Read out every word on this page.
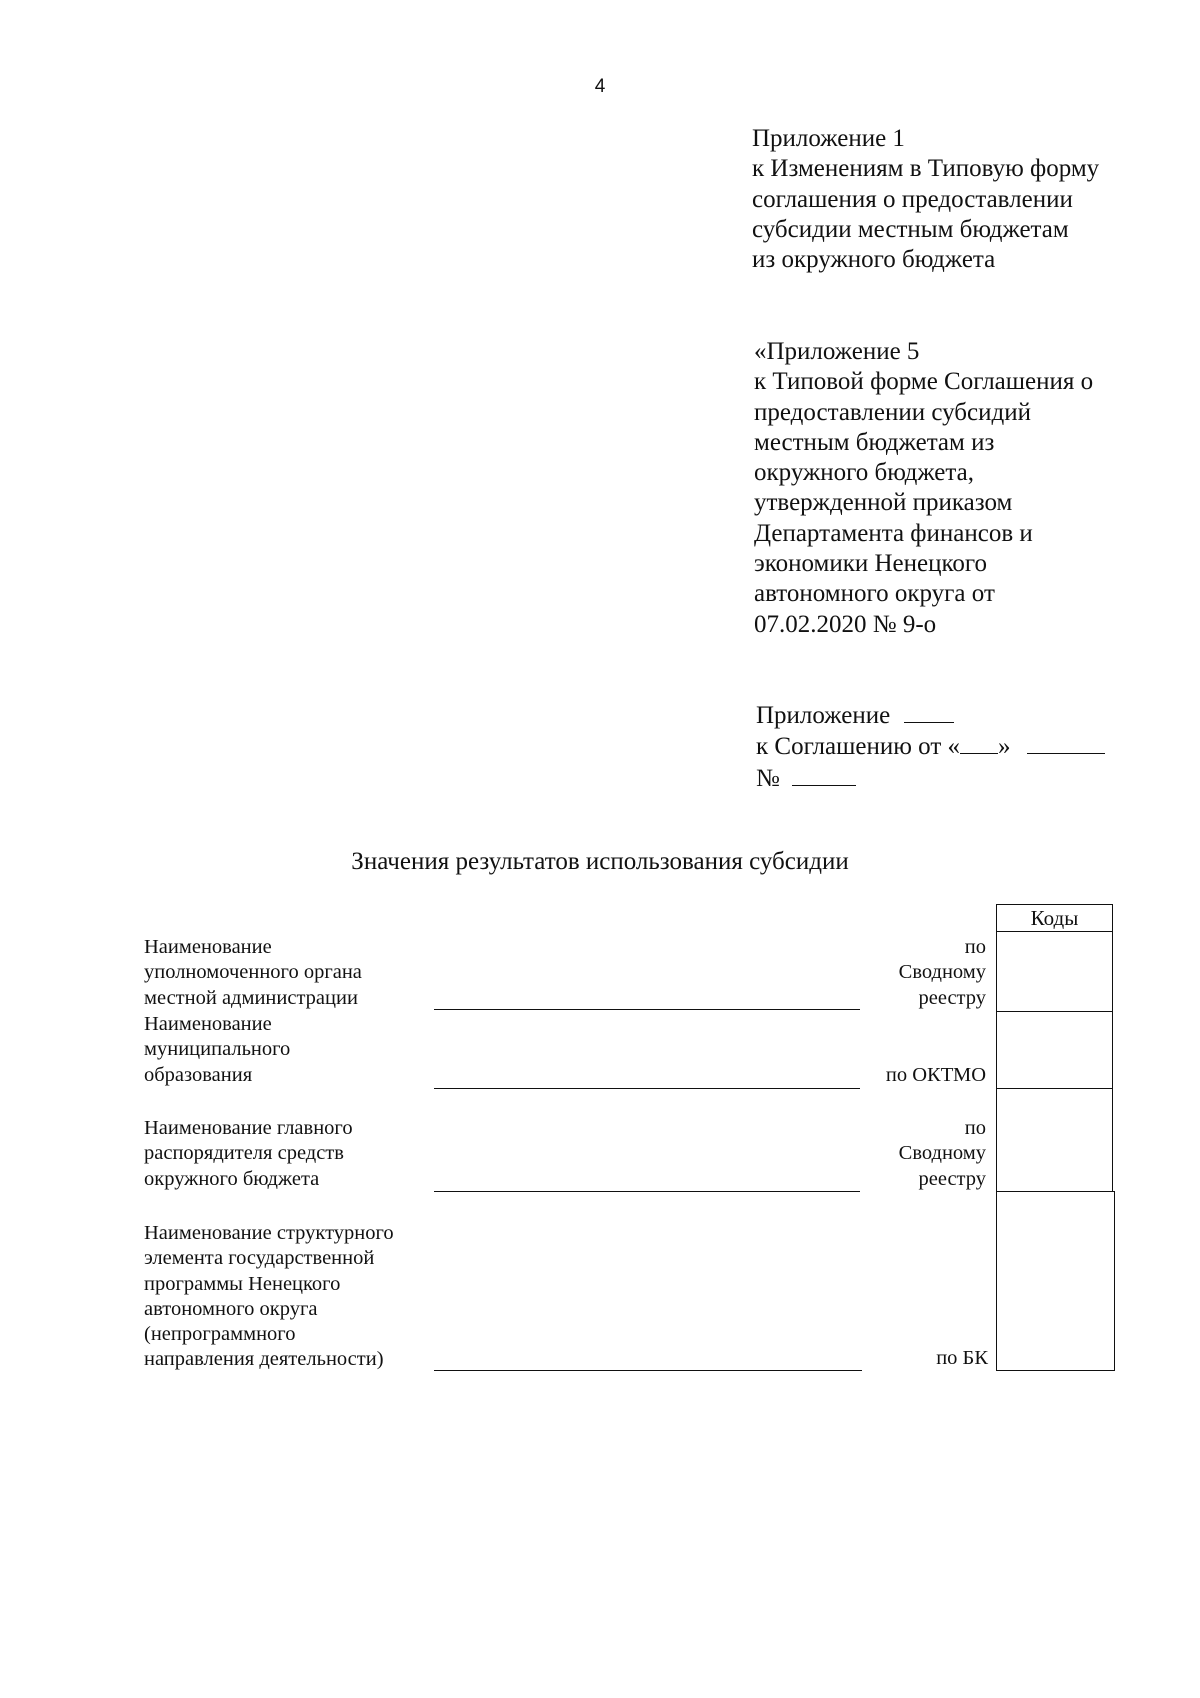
4
Приложение 1
к Изменениям в Типовую форму
соглашения о предоставлении
субсидии местным бюджетам
из окружного бюджета
«Приложение 5
к Типовой форме Соглашения о
предоставлении субсидий
местным бюджетам из
окружного бюджета,
утвержденной приказом
Департамента финансов и
экономики Ненецкого
автономного округа от
07.02.2020 № 9-о
Приложение
к Соглашению от « »
№
Значения результатов использования субсидии
Коды
Наименование
уполномоченного органа
местной администрации
по
Сводному
реестру
Наименование
муниципального
образования	по ОКТМО
Наименование главного
распорядителя средств
окружного бюджета
по
Сводному
реестру
Наименование структурного
элемента государственной
программы Ненецкого
автономного округа
(непрограммного
направления деятельности)	по БК
